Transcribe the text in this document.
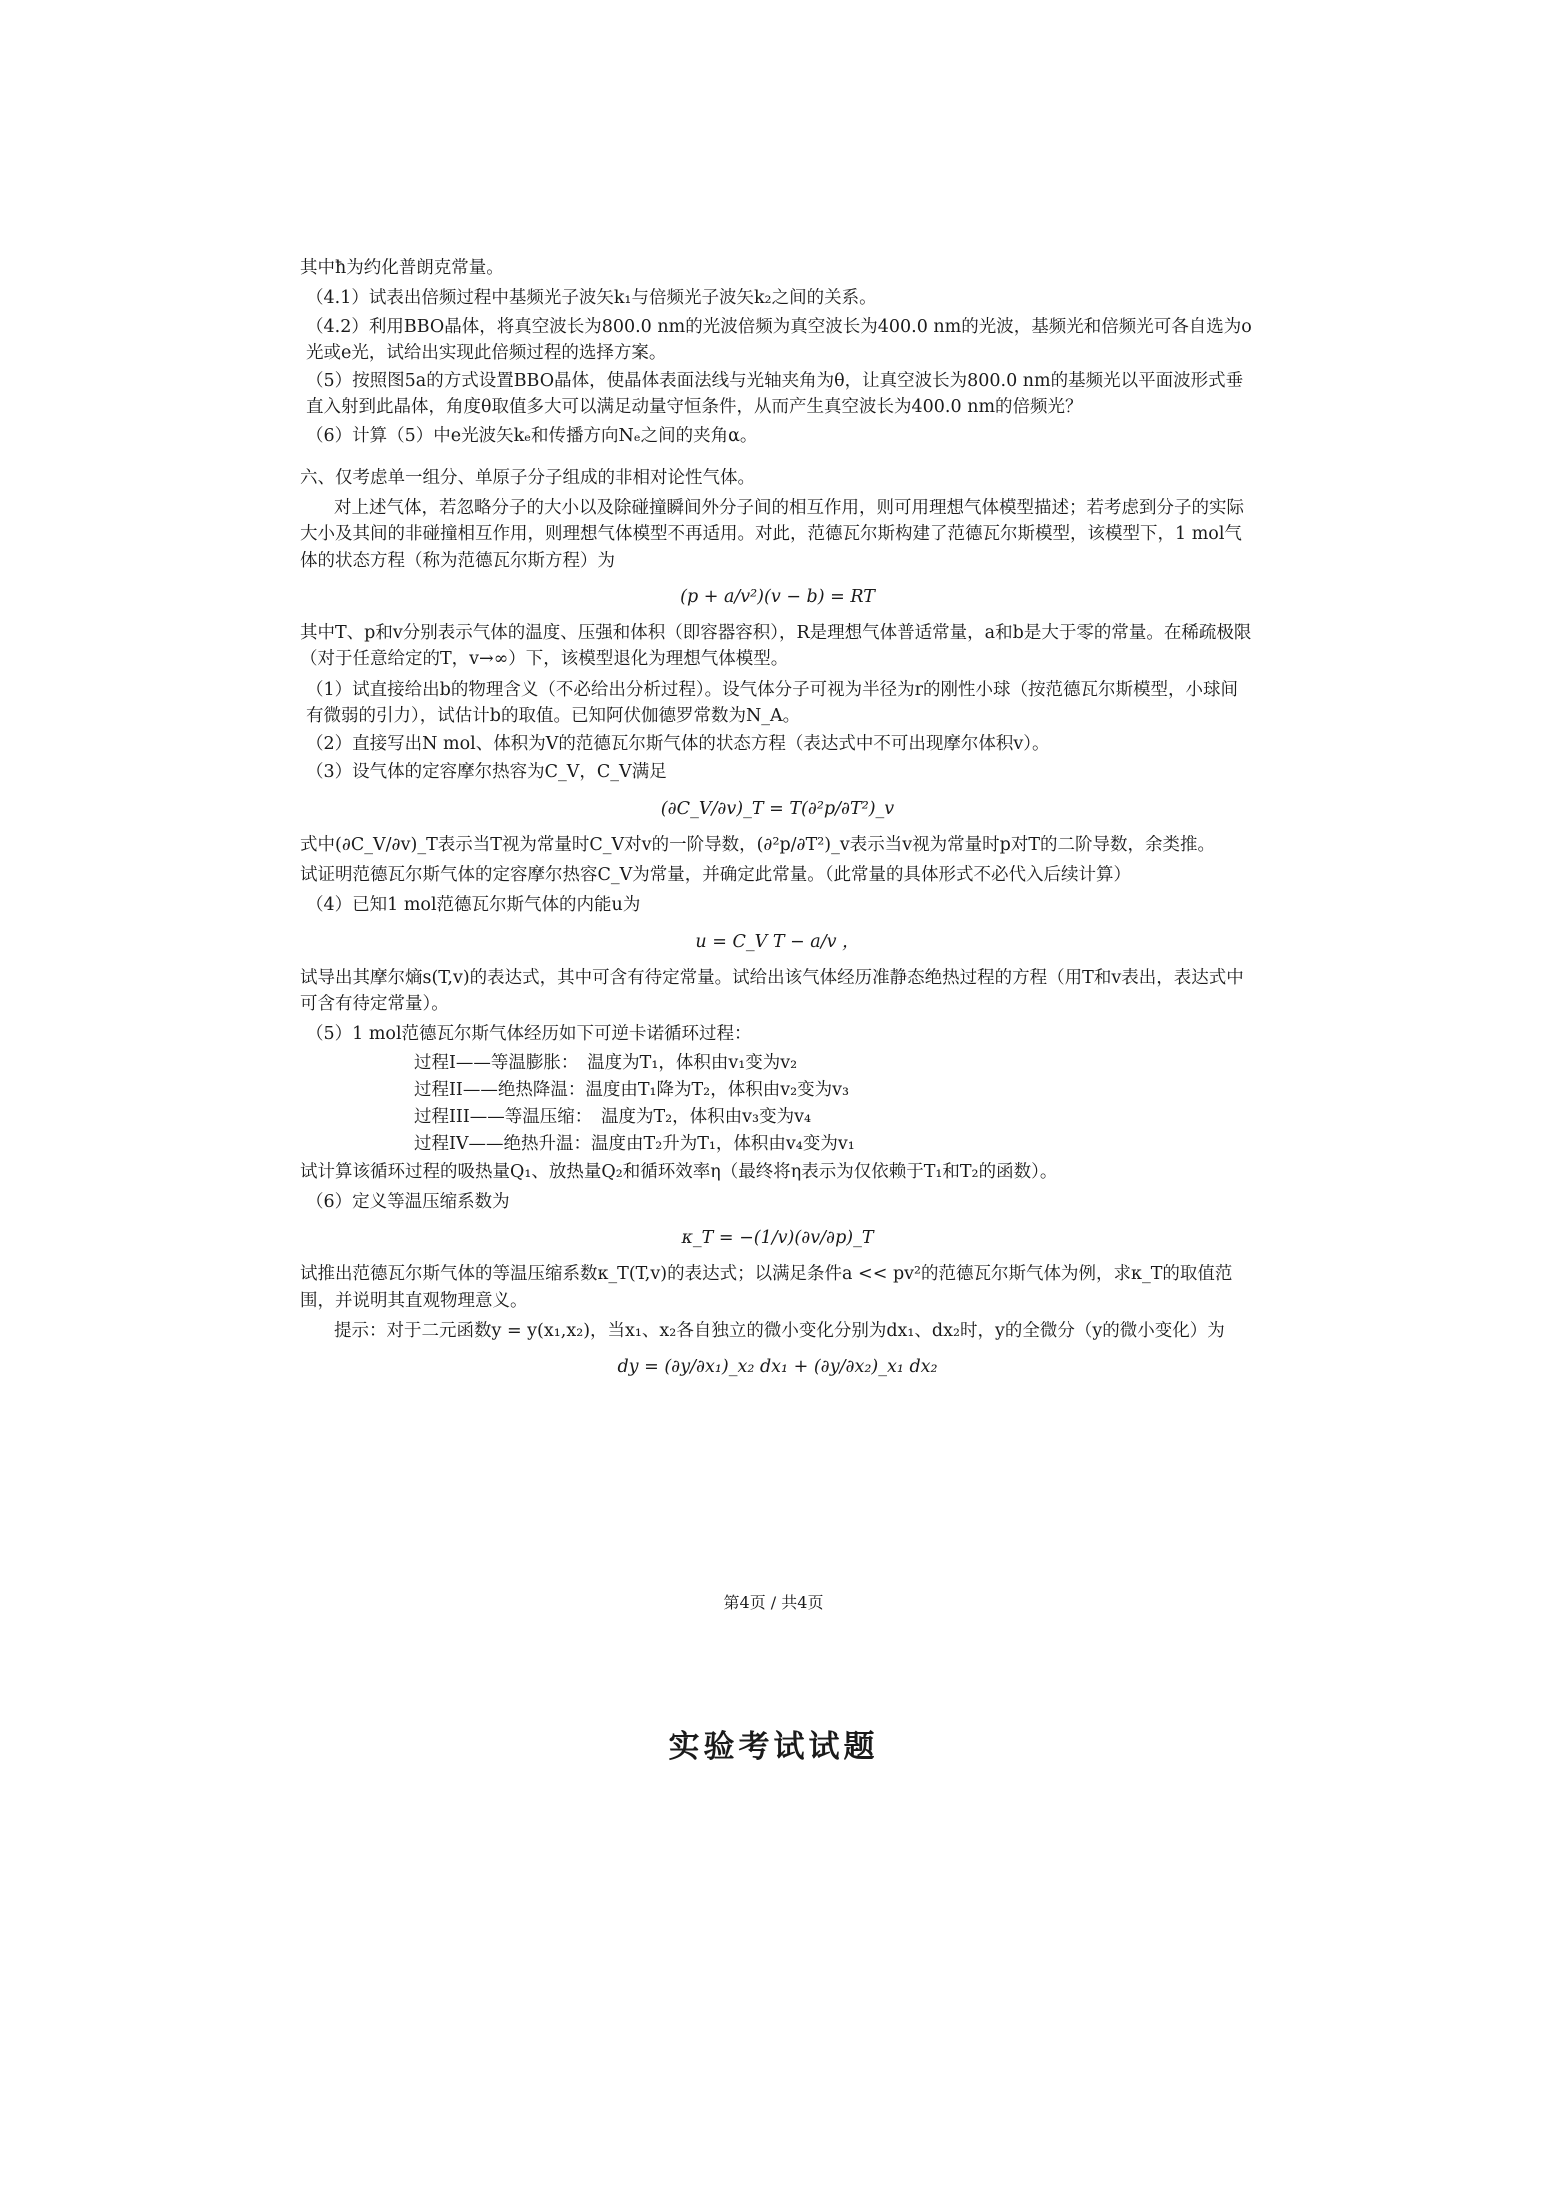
其中ħ为约化普朗克常量。

（4.1）试表出倍频过程中基频光子波矢k₁与倍频光子波矢k₂之间的关系。

（4.2）利用BBO晶体，将真空波长为800.0 nm的光波倍频为真空波长为400.0 nm的光波，基频光和倍频光可各自选为o光或e光，试给出实现此倍频过程的选择方案。

（5）按照图5a的方式设置BBO晶体，使晶体表面法线与光轴夹角为θ，让真空波长为800.0 nm的基频光以平面波形式垂直入射到此晶体，角度θ取值多大可以满足动量守恒条件，从而产生真空波长为400.0 nm的倍频光？

（6）计算（5）中e光波矢kₑ和传播方向Nₑ之间的夹角α。

六、仅考虑单一组分、单原子分子组成的非相对论性气体。

对上述气体，若忽略分子的大小以及除碰撞瞬间外分子间的相互作用，则可用理想气体模型描述；若考虑到分子的实际大小及其间的非碰撞相互作用，则理想气体模型不再适用。对此，范德瓦尔斯构建了范德瓦尔斯模型，该模型下，1 mol气体的状态方程（称为范德瓦尔斯方程）为

(p + a/v²)(v − b) = RT

其中T、p和v分别表示气体的温度、压强和体积（即容器容积），R是理想气体普适常量，a和b是大于零的常量。在稀疏极限（对于任意给定的T，v→∞）下，该模型退化为理想气体模型。

（1）试直接给出b的物理含义（不必给出分析过程）。设气体分子可视为半径为r的刚性小球（按范德瓦尔斯模型，小球间有微弱的引力），试估计b的取值。已知阿伏伽德罗常数为N_A。

（2）直接写出N mol、体积为V的范德瓦尔斯气体的状态方程（表达式中不可出现摩尔体积v）。

（3）设气体的定容摩尔热容为C_V，C_V满足

(∂C_V/∂v)_T = T(∂²p/∂T²)_v

式中(∂C_V/∂v)_T表示当T视为常量时C_V对v的一阶导数，(∂²p/∂T²)_v表示当v视为常量时p对T的二阶导数，余类推。

试证明范德瓦尔斯气体的定容摩尔热容C_V为常量，并确定此常量。（此常量的具体形式不必代入后续计算）

（4）已知1 mol范德瓦尔斯气体的内能u为

u = C_V T − a/v ，

试导出其摩尔熵s(T,v)的表达式，其中可含有待定常量。试给出该气体经历准静态绝热过程的方程（用T和v表出，表达式中可含有待定常量）。

（5）1 mol范德瓦尔斯气体经历如下可逆卡诺循环过程：

过程I——等温膨胀：　温度为T₁，体积由v₁变为v₂
过程II——绝热降温：温度由T₁降为T₂，体积由v₂变为v₃
过程III——等温压缩：　温度为T₂，体积由v₃变为v₄
过程IV——绝热升温：温度由T₂升为T₁，体积由v₄变为v₁

试计算该循环过程的吸热量Q₁、放热量Q₂和循环效率η（最终将η表示为仅依赖于T₁和T₂的函数）。

（6）定义等温压缩系数为

κ_T = −(1/v)(∂v/∂p)_T

试推出范德瓦尔斯气体的等温压缩系数κ_T(T,v)的表达式；以满足条件a << pv²的范德瓦尔斯气体为例，求κ_T的取值范围，并说明其直观物理意义。

提示：对于二元函数y = y(x₁,x₂)，当x₁、x₂各自独立的微小变化分别为dx₁、dx₂时，y的全微分（y的微小变化）为

dy = (∂y/∂x₁)_x₂ dx₁ + (∂y/∂x₂)_x₁ dx₂
第4页 / 共4页
实验考试试题
